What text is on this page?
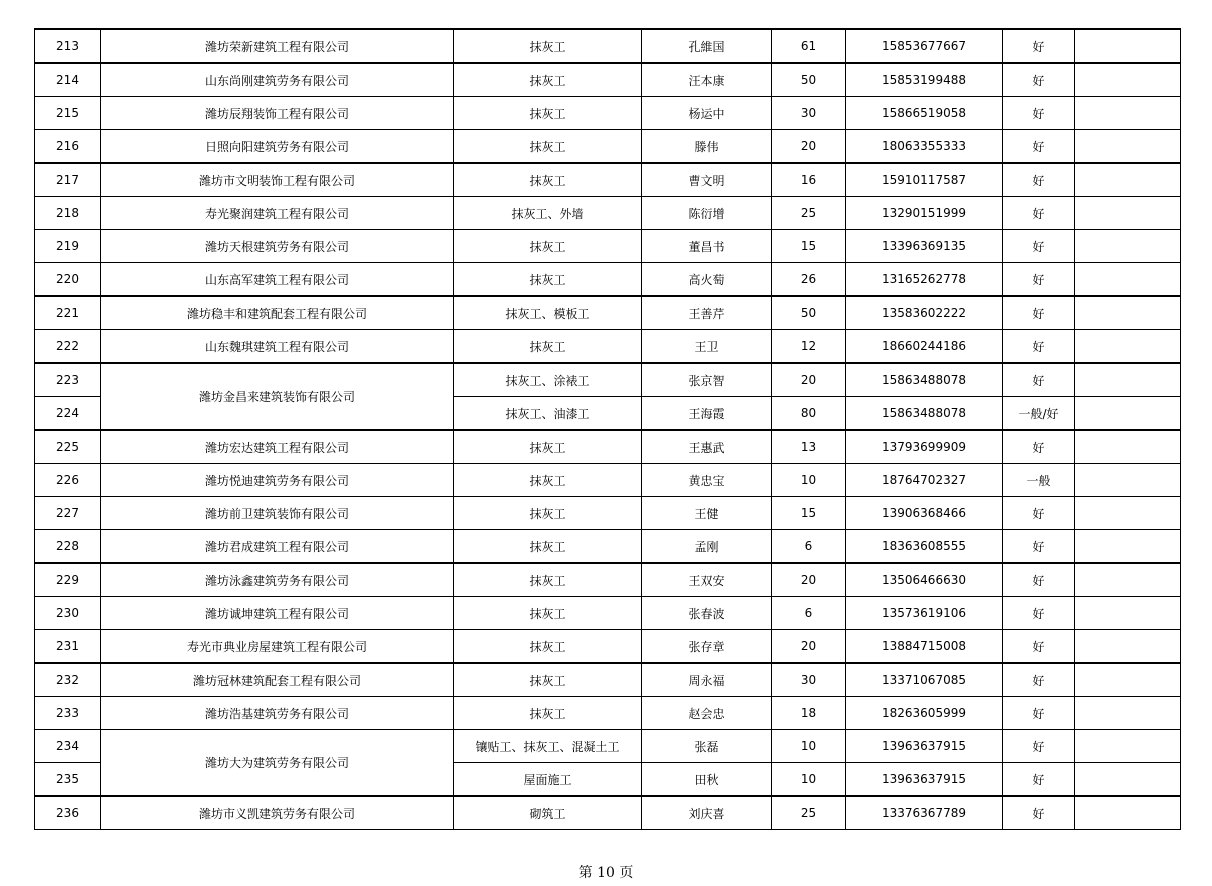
213	潍坊荣新建筑工程有限公司	抹灰工	孔維国	61	15853677667	好	
214	山东尚刚建筑劳务有限公司	抹灰工	汪本康	50	15853199488	好	
215	潍坊辰翔装饰工程有限公司	抹灰工	杨运中	30	15866519058	好	
216	日照向阳建筑劳务有限公司	抹灰工	滕伟	20	18063355333	好	
217	潍坊市文明装饰工程有限公司	抹灰工	曹文明	16	15910117587	好	
218	寿光聚润建筑工程有限公司	抹灰工、外墙	陈衍增	25	13290151999	好	
219	潍坊天根建筑劳务有限公司	抹灰工	董昌书	15	13396369135	好	
220	山东高军建筑工程有限公司	抹灰工	高火萄	26	13165262778	好	
221	潍坊稳丰和建筑配套工程有限公司	抹灰工、模板工	王善芹	50	13583602222	好	
222	山东魏琪建筑工程有限公司	抹灰工	王卫	12	18660244186	好	
223	潍坊金昌来建筑装饰有限公司	抹灰工、涂裱工	张京智	20	15863488078	好	
224		抹灰工、油漆工	王海霞	80	15863488078	一般/好	
225	潍坊宏达建筑工程有限公司	抹灰工	王惠武	13	13793699909	好	
226	潍坊悦迪建筑劳务有限公司	抹灰工	黄忠宝	10	18764702327	一般	
227	潍坊前卫建筑装饰有限公司	抹灰工	王健	15	13906368466	好	
228	潍坊君成建筑工程有限公司	抹灰工	孟刚	6	18363608555	好	
229	潍坊泳鑫建筑劳务有限公司	抹灰工	王双安	20	13506466630	好	
230	潍坊诚坤建筑工程有限公司	抹灰工	张春波	6	13573619106	好	
231	寿光市典业房屋建筑工程有限公司	抹灰工	张存章	20	13884715008	好	
232	潍坊冠林建筑配套工程有限公司	抹灰工	周永福	30	13371067085	好	
233	潍坊浩基建筑劳务有限公司	抹灰工	赵会忠	18	18263605999	好	
234	潍坊大为建筑劳务有限公司	镶贴工、抹灰工、混凝土工	张磊	10	13963637915	好	
235		屋面施工	田秋	10	13963637915	好	
236	潍坊市义凯建筑劳务有限公司	砌筑工	刘庆喜	25	13376367789	好	
第 10 页
